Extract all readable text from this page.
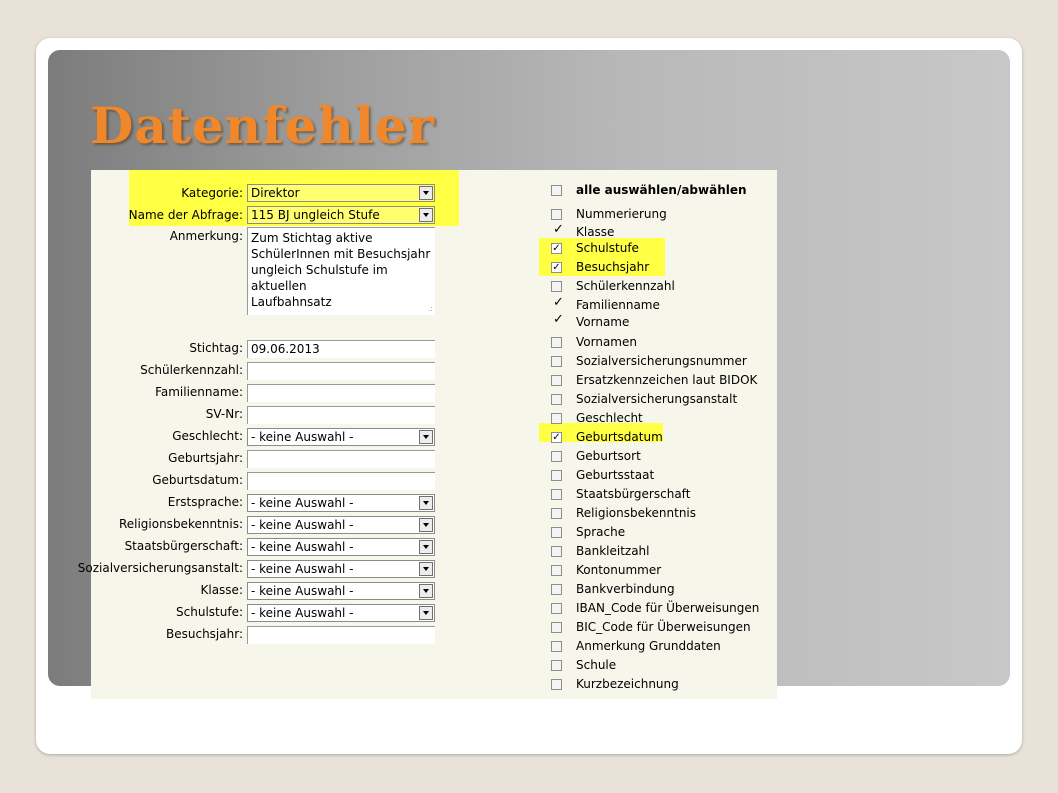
Datenfehler
Kategorie: Direktor
Name der Abfrage: 115 BJ ungleich Stufe
Anmerkung: Zum Stichtag aktive
SchülerInnen mit Besuchsjahr
ungleich Schulstufe im aktuellen
Laufbahnsatz	.:
Stichtag: 09.06.2013
Schülerkennzahl:
Familienname:
SV-Nr:
Geschlecht: - keine Auswahl -
Geburtsjahr:
Geburtsdatum:
Erstsprache: - keine Auswahl -
Religionsbekenntnis: - keine Auswahl -
Staatsbürgerschaft: - keine Auswahl -
Sozialversicherungsanstalt: - keine Auswahl -
Klasse: - keine Auswahl -
Schulstufe: - keine Auswahl -
Besuchsjahr:
alle auswählen/abwählen
Nummerierung
✓ Klasse
✓ Schulstufe
✓ Besuchsjahr
Schülerkennzahl
✓ Familienname
✓ Vorname
Vornamen
Sozialversicherungsnummer
Ersatzkennzeichen laut BIDOK
Sozialversicherungsanstalt
Geschlecht
✓ Geburtsdatum
Geburtsort
Geburtsstaat
Staatsbürgerschaft
Religionsbekenntnis
Sprache
Bankleitzahl
Kontonummer
Bankverbindung
IBAN_Code für Überweisungen
BIC_Code für Überweisungen
Anmerkung Grunddaten
Schule
Kurzbezeichnung
